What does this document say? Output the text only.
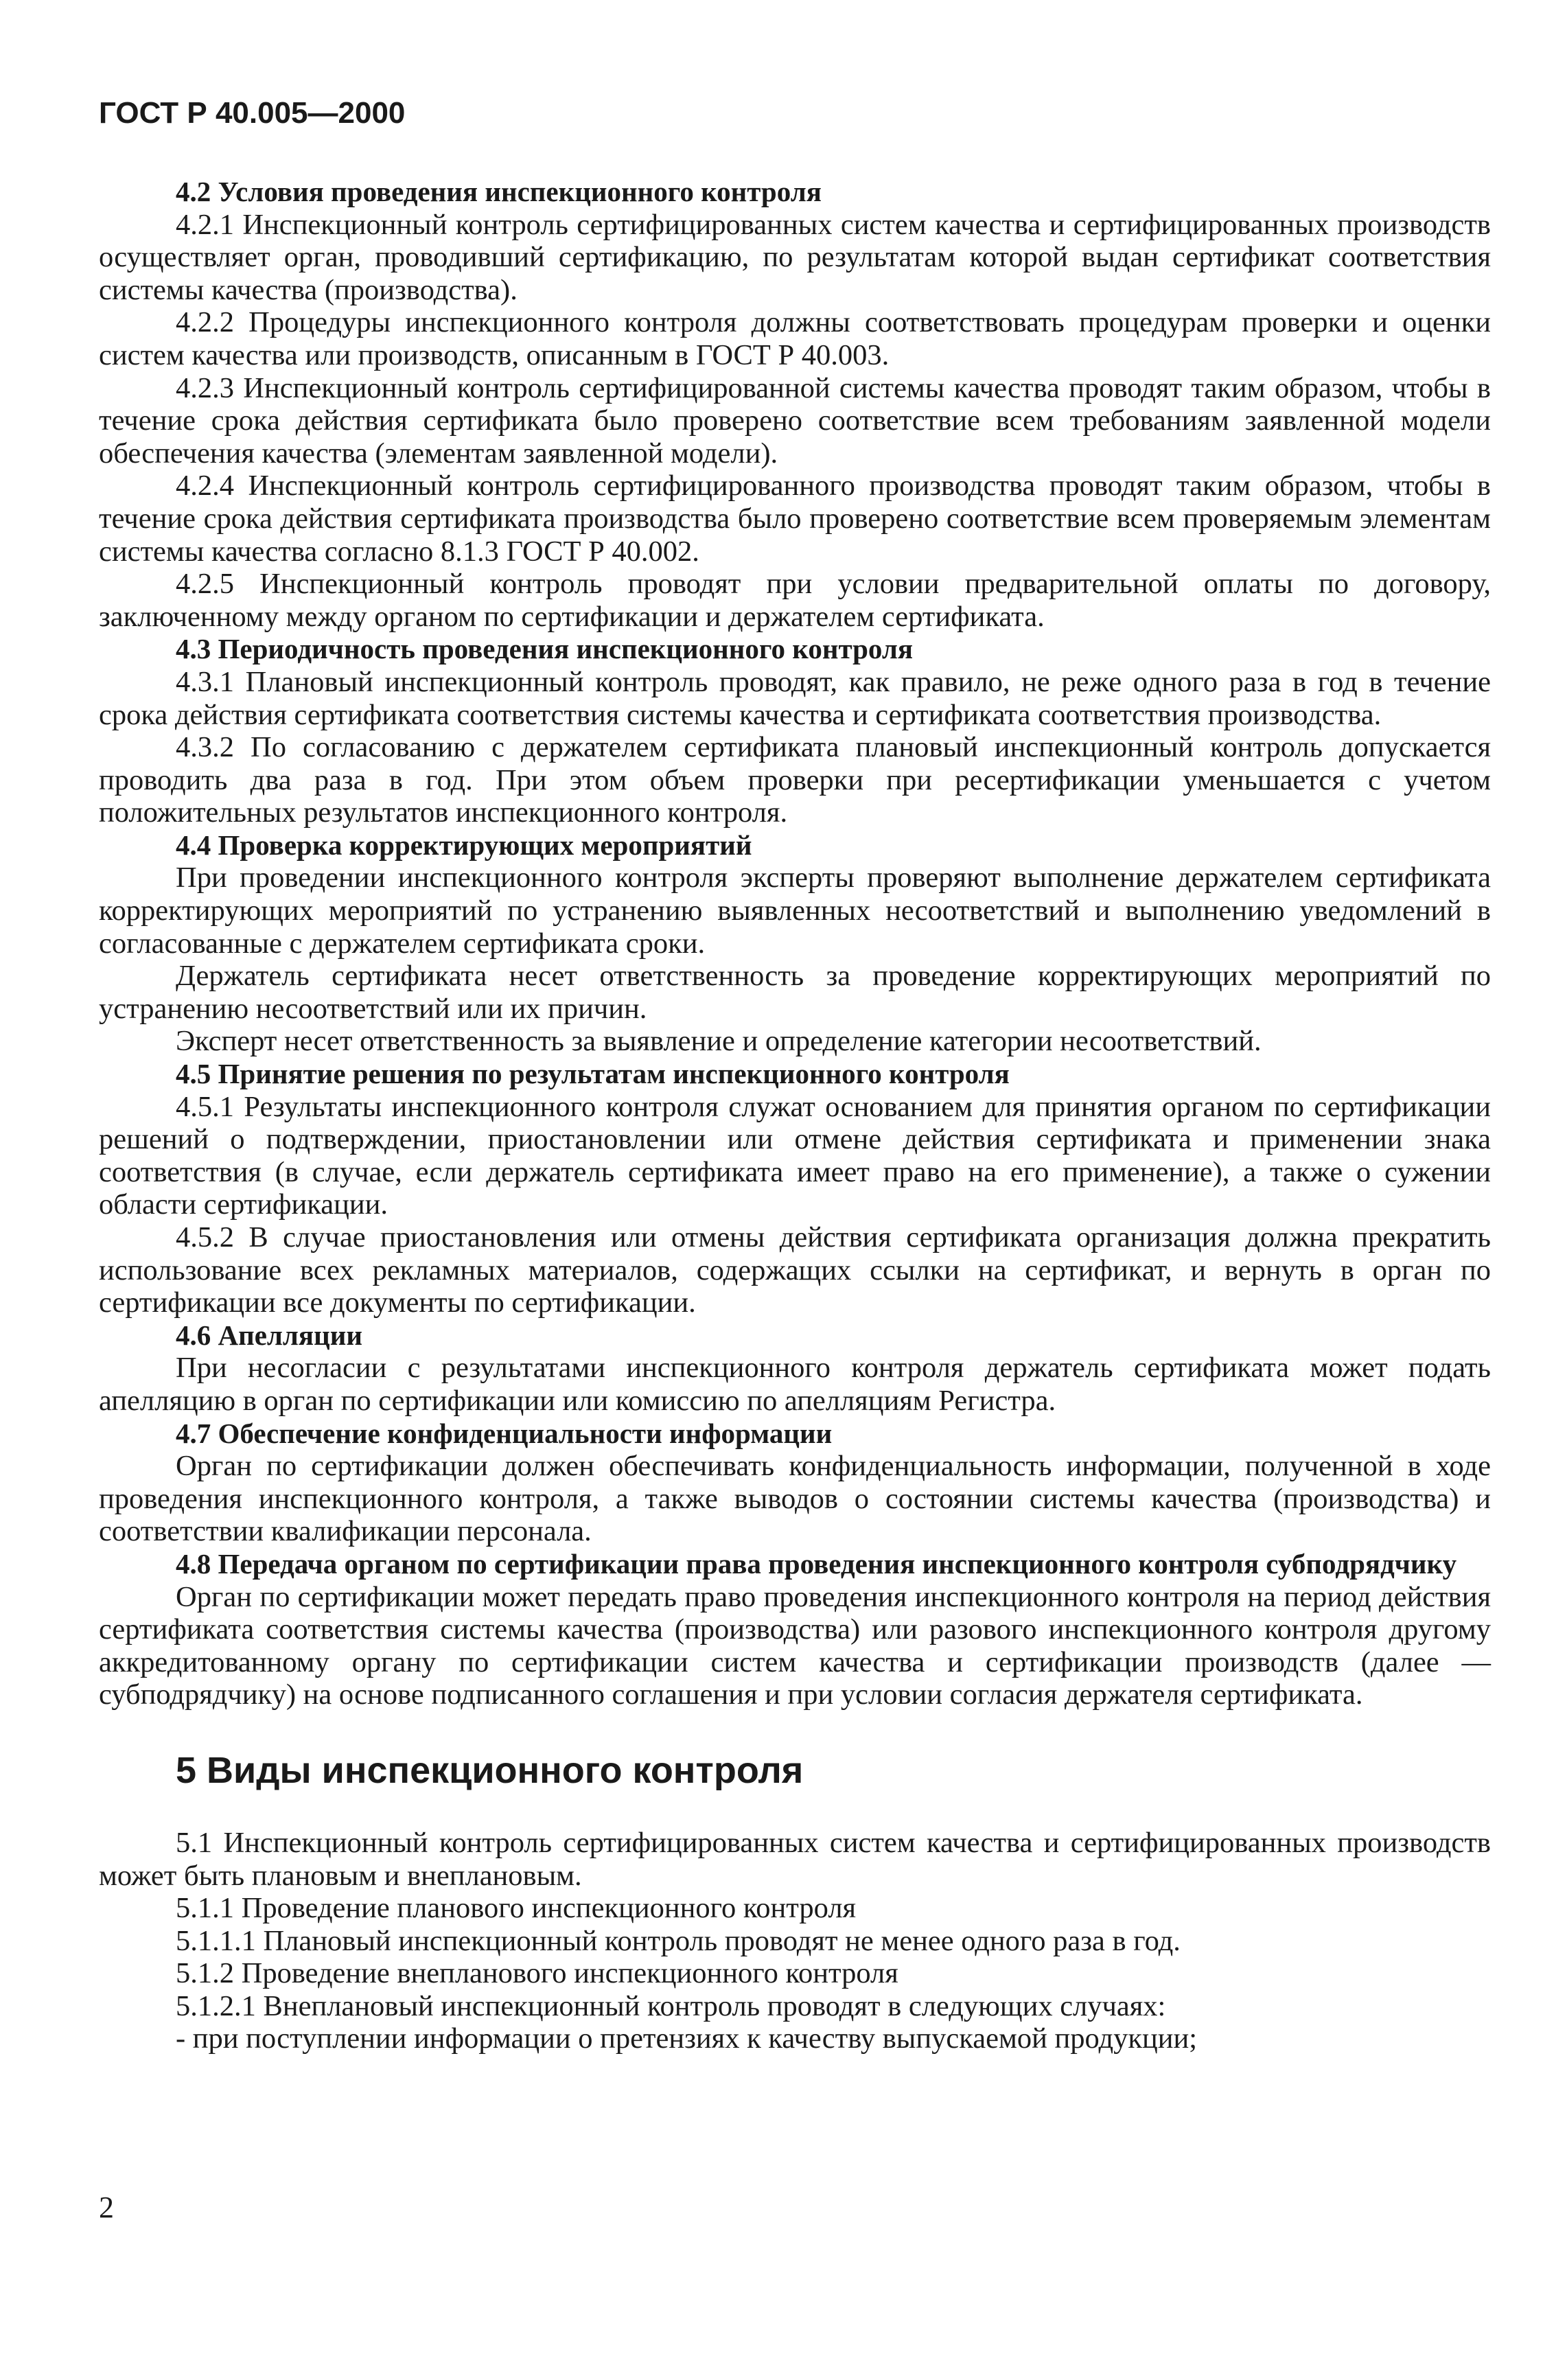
ГОСТ Р 40.005—2000

4.2 Условия проведения инспекционного контроля

4.2.1 Инспекционный контроль сертифицированных систем качества и сертифицированных производств осуществляет орган, проводивший сертификацию, по результатам которой выдан сертификат соответствия системы качества (производства).

4.2.2 Процедуры инспекционного контроля должны соответствовать процедурам проверки и оценки систем качества или производств, описанным в ГОСТ Р 40.003.

4.2.3 Инспекционный контроль сертифицированной системы качества проводят таким образом, чтобы в течение срока действия сертификата было проверено соответствие всем требованиям заявленной модели обеспечения качества (элементам заявленной модели).

4.2.4 Инспекционный контроль сертифицированного производства проводят таким образом, чтобы в течение срока действия сертификата производства было проверено соответствие всем проверяемым элементам системы качества согласно 8.1.3 ГОСТ Р 40.002.

4.2.5 Инспекционный контроль проводят при условии предварительной оплаты по договору, заключенному между органом по сертификации и держателем сертификата.

4.3 Периодичность проведения инспекционного контроля

4.3.1 Плановый инспекционный контроль проводят, как правило, не реже одного раза в год в течение срока действия сертификата соответствия системы качества и сертификата соответствия производства.

4.3.2 По согласованию с держателем сертификата плановый инспекционный контроль допускается проводить два раза в год. При этом объем проверки при ресертификации уменьшается с учетом положительных результатов инспекционного контроля.

4.4 Проверка корректирующих мероприятий

При проведении инспекционного контроля эксперты проверяют выполнение держателем сертификата корректирующих мероприятий по устранению выявленных несоответствий и выполнению уведомлений в согласованные с держателем сертификата сроки.

Держатель сертификата несет ответственность за проведение корректирующих мероприятий по устранению несоответствий или их причин.

Эксперт несет ответственность за выявление и определение категории несоответствий.

4.5 Принятие решения по результатам инспекционного контроля

4.5.1 Результаты инспекционного контроля служат основанием для принятия органом по сертификации решений о подтверждении, приостановлении или отмене действия сертификата и применении знака соответствия (в случае, если держатель сертификата имеет право на его применение), а также о сужении области сертификации.

4.5.2 В случае приостановления или отмены действия сертификата организация должна прекратить использование всех рекламных материалов, содержащих ссылки на сертификат, и вернуть в орган по сертификации все документы по сертификации.

4.6 Апелляции

При несогласии с результатами инспекционного контроля держатель сертификата может подать апелляцию в орган по сертификации или комиссию по апелляциям Регистра.

4.7 Обеспечение конфиденциальности информации

Орган по сертификации должен обеспечивать конфиденциальность информации, полученной в ходе проведения инспекционного контроля, а также выводов о состоянии системы качества (производства) и соответствии квалификации персонала.

4.8 Передача органом по сертификации права проведения инспекционного контроля субподрядчику

Орган по сертификации может передать право проведения инспекционного контроля на период действия сертификата соответствия системы качества (производства) или разового инспекционного контроля другому аккредитованному органу по сертификации систем качества и сертификации производств (далее — субподрядчику) на основе подписанного соглашения и при условии согласия держателя сертификата.

5 Виды инспекционного контроля

5.1 Инспекционный контроль сертифицированных систем качества и сертифицированных производств может быть плановым и внеплановым.

5.1.1 Проведение планового инспекционного контроля

5.1.1.1 Плановый инспекционный контроль проводят не менее одного раза в год.

5.1.2 Проведение внепланового инспекционного контроля

5.1.2.1 Внеплановый инспекционный контроль проводят в следующих случаях:

- при поступлении информации о претензиях к качеству выпускаемой продукции;

2
